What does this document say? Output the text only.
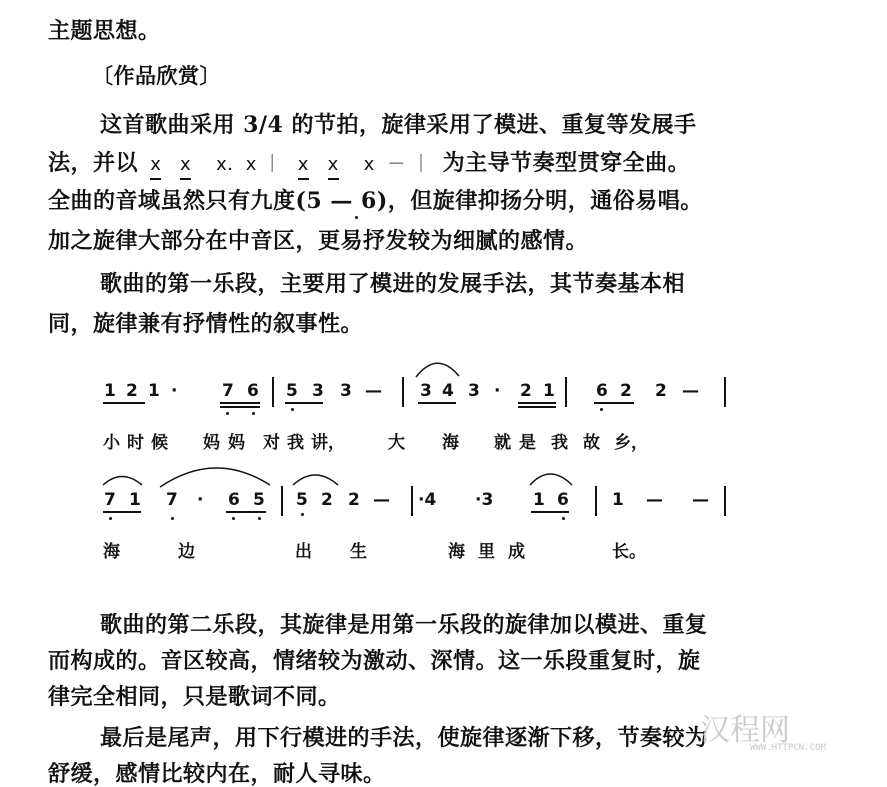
主题思想。
〔作品欣赏〕
这首歌曲采用 3/4 的节拍，旋律采用了模进、重复等发展手
法，并以 x x x．x ｜ x x x － ｜ 为主导节奏型贯穿全曲。
全曲的音域虽然只有九度(5 — 6)，但旋律抑扬分明，通俗易唱。
加之旋律大部分在中音区，更易抒发较为细腻的感情。
歌曲的第一乐段，主要用了模进的发展手法，其节奏基本相
同，旋律兼有抒情性的叙事性。
1 2 1 ·	7 6 5 3 3 — 3 4 3 · 2 1 6 2 2 —
小 时 候 妈 妈 对 我 讲，	大 海 就 是 我 故 乡，
7 1 7 · 6 5 5 2 2 — ·4 ·3 1 6	1 — —
海	边	出 生	海 里 成	长。
歌曲的第二乐段，其旋律是用第一乐段的旋律加以模进、重复
而构成的。音区较高，情绪较为激动、深情。这一乐段重复时，旋
律完全相同，只是歌词不同。
最后是尾声，用下行模进的手法，使旋律逐渐下移，节奏较为
舒缓，感情比较内在，耐人寻味。
汉程网
WWW.HTTPCN.COM
